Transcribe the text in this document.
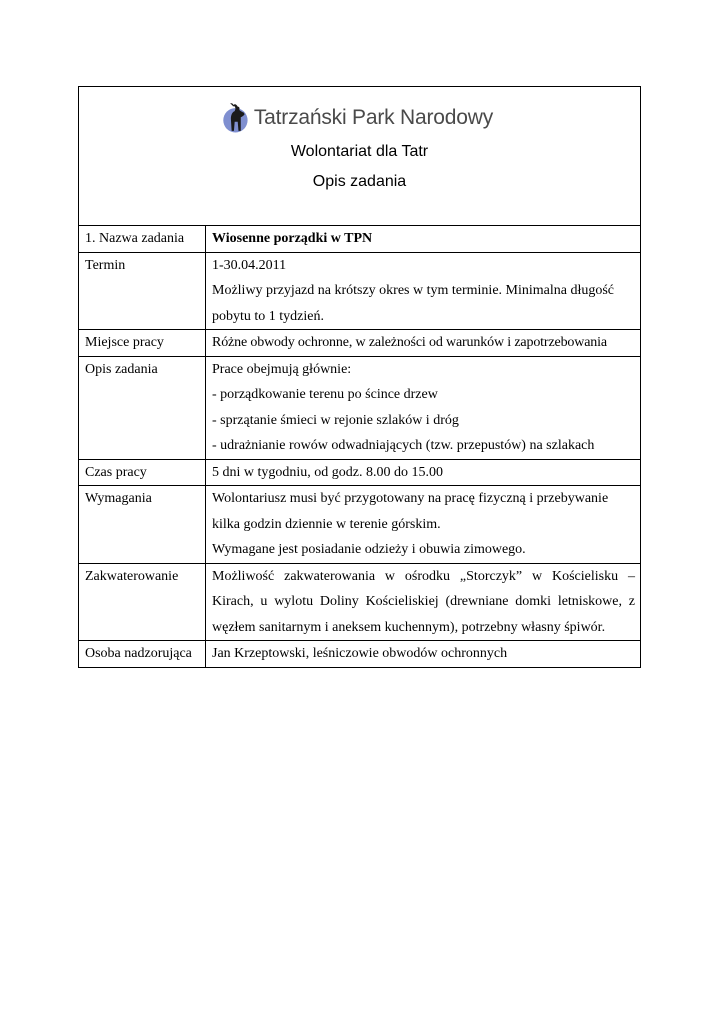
Tatrzański Park Narodowy
Wolontariat dla Tatr
Opis zadania
1. Nazwa zadania	Wiosenne porządki w TPN

Termin	1-30.04.2011
Możliwy przyjazd na krótszy okres w tym terminie. Minimalna długość pobytu to 1 tydzień.

Miejsce pracy	Różne obwody ochronne, w zależności od warunków i zapotrzebowania

Opis zadania	Prace obejmują głównie:
- porządkowanie terenu po ścince drzew
- sprzątanie śmieci w rejonie szlaków i dróg
- udrażnianie rowów odwadniających (tzw. przepustów) na szlakach

Czas pracy	5 dni w tygodniu, od godz. 8.00 do 15.00

Wymagania	Wolontariusz musi być przygotowany na pracę fizyczną i przebywanie kilka godzin dziennie w terenie górskim.
Wymagane jest posiadanie odzieży i obuwia zimowego.

Zakwaterowanie	Możliwość zakwaterowania w ośrodku „Storczyk” w Kościelisku – Kirach, u wylotu Doliny Kościeliskiej (drewniane domki letniskowe, z węzłem sanitarnym i aneksem kuchennym), potrzebny własny śpiwór.

Osoba nadzorująca	Jan Krzeptowski, leśniczowie obwodów ochronnych
